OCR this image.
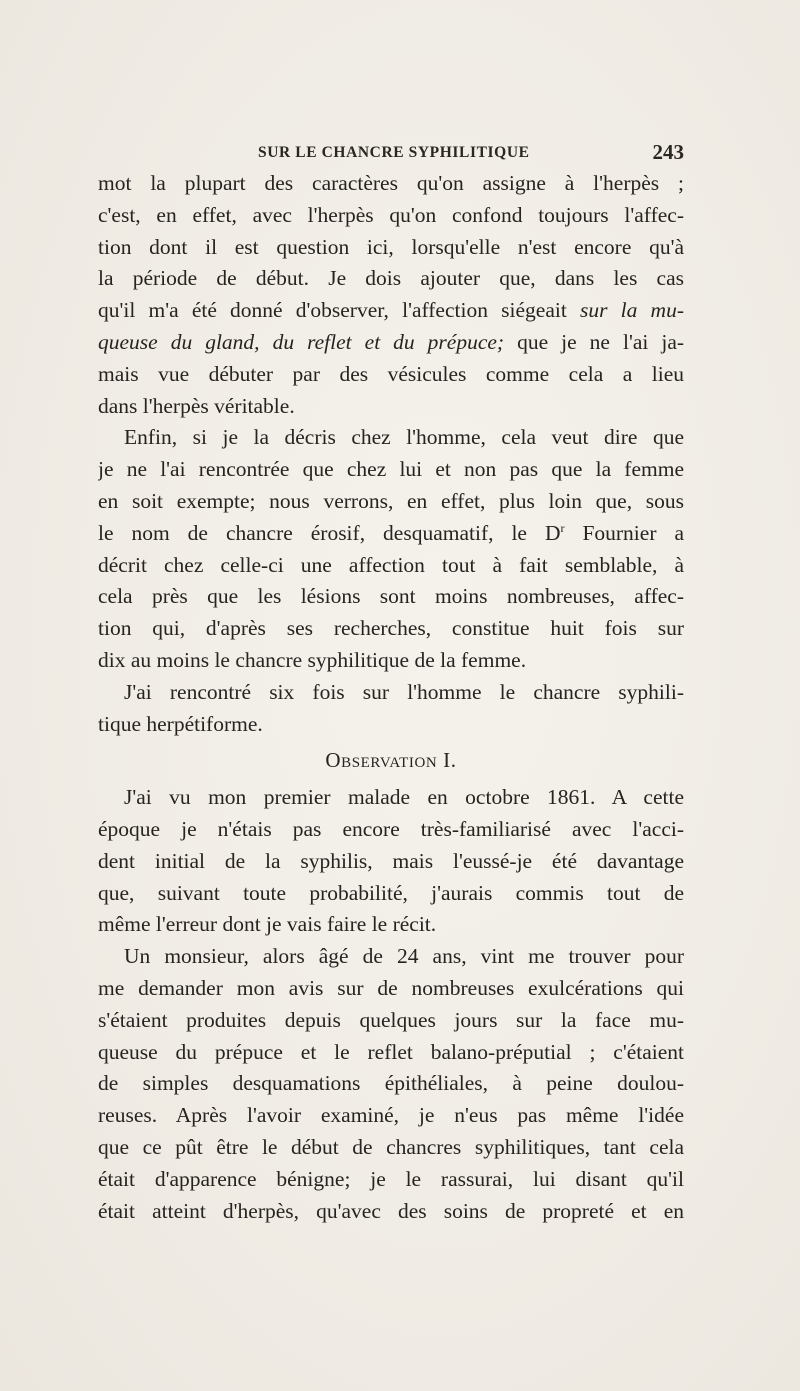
SUR LE CHANCRE SYPHILITIQUE	243
mot la plupart des caractères qu'on assigne à l'herpès ;
c'est, en effet, avec l'herpès qu'on confond toujours l'affec-
tion dont il est question ici, lorsqu'elle n'est encore qu'à
la période de début. Je dois ajouter que, dans les cas
qu'il m'a été donné d'observer, l'affection siégeait sur la mu-
queuse du gland, du reflet et du prépuce; que je ne l'ai ja-
mais vue débuter par des vésicules comme cela a lieu
dans l'herpès véritable.
Enfin, si je la décris chez l'homme, cela veut dire que
je ne l'ai rencontrée que chez lui et non pas que la femme
en soit exempte; nous verrons, en effet, plus loin que, sous
le nom de chancre érosif, desquamatif, le $D^r$ Fournier a
décrit chez celle-ci une affection tout à fait semblable, à
cela près que les lésions sont moins nombreuses, affec-
tion qui, d'après ses recherches, constitue huit fois sur
dix au moins le chancre syphilitique de la femme.
J'ai rencontré six fois sur l'homme le chancre syphili-
tique herpétiforme.
Observation I.
J'ai vu mon premier malade en octobre 1861. A cette
époque je n'étais pas encore très-familiarisé avec l'acci-
dent initial de la syphilis, mais l'eussé-je été davantage
que, suivant toute probabilité, j'aurais commis tout de
même l'erreur dont je vais faire le récit.
Un monsieur, alors âgé de 24 ans, vint me trouver pour
me demander mon avis sur de nombreuses exulcérations qui
s'étaient produites depuis quelques jours sur la face mu-
queuse du prépuce et le reflet balano-préputial ; c'étaient
de simples desquamations épithéliales, à peine doulou-
reuses. Après l'avoir examiné, je n'eus pas même l'idée
que ce pût être le début de chancres syphilitiques, tant cela
était d'apparence bénigne; je le rassurai, lui disant qu'il
était atteint d'herpès, qu'avec des soins de propreté et en
